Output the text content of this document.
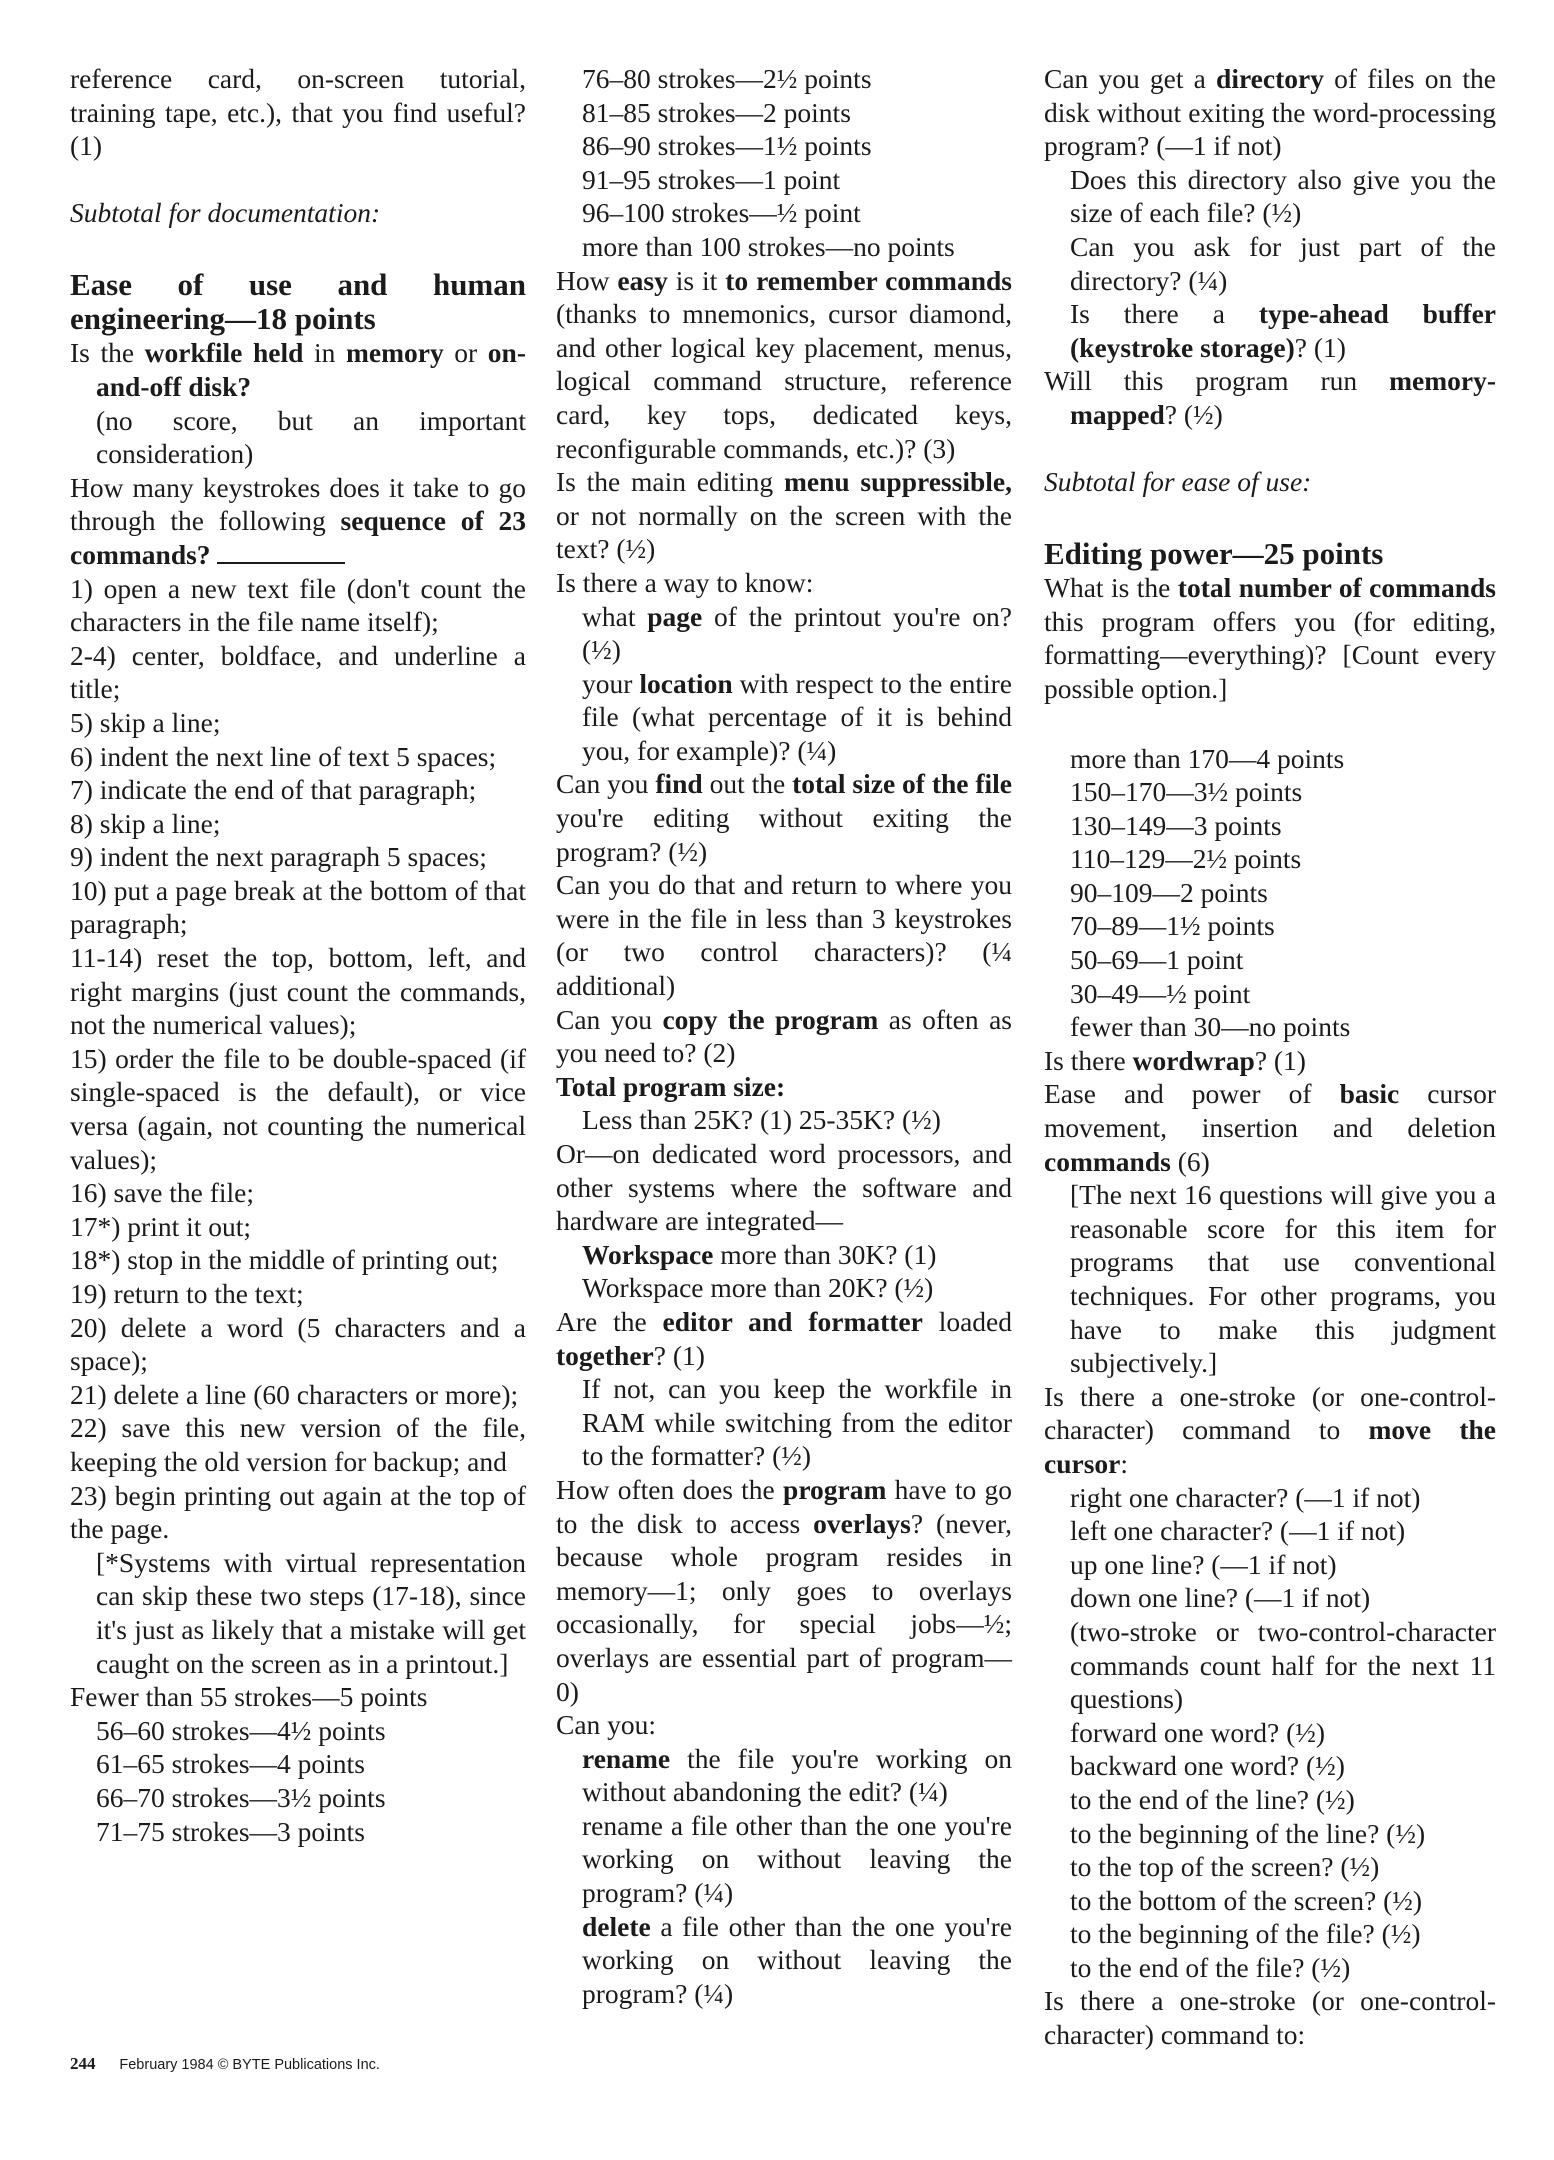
reference card, on-screen tutorial, training tape, etc.), that you find useful? (1)
Subtotal for documentation:
Ease of use and human engineering—18 points
Is the workfile held in memory or on-and-off disk?
(no score, but an important consideration)
How many keystrokes does it take to go through the following sequence of 23 commands?
1) open a new text file (don't count the characters in the file name itself);
2-4) center, boldface, and underline a title;
5) skip a line;
6) indent the next line of text 5 spaces;
7) indicate the end of that paragraph;
8) skip a line;
9) indent the next paragraph 5 spaces;
10) put a page break at the bottom of that paragraph;
11-14) reset the top, bottom, left, and right margins (just count the commands, not the numerical values);
15) order the file to be double-spaced (if single-spaced is the default), or vice versa (again, not counting the numerical values);
16) save the file;
17*) print it out;
18*) stop in the middle of printing out;
19) return to the text;
20) delete a word (5 characters and a space);
21) delete a line (60 characters or more);
22) save this new version of the file, keeping the old version for backup; and
23) begin printing out again at the top of the page.
[*Systems with virtual representation can skip these two steps (17-18), since it's just as likely that a mistake will get caught on the screen as in a printout.]
Fewer than 55 strokes—5 points
56–60 strokes—4½ points
61–65 strokes—4 points
66–70 strokes—3½ points
71–75 strokes—3 points
76–80 strokes—2½ points
81–85 strokes—2 points
86–90 strokes—1½ points
91–95 strokes—1 point
96–100 strokes—½ point
more than 100 strokes—no points
How easy is it to remember commands (thanks to mnemonics, cursor diamond, and other logical key placement, menus, logical command structure, reference card, key tops, dedicated keys, reconfigurable commands, etc.)? (3)
Is the main editing menu suppressible, or not normally on the screen with the text? (½)
Is there a way to know:
what page of the printout you're on? (½)
your location with respect to the entire file (what percentage of it is behind you, for example)? (¼)
Can you find out the total size of the file you're editing without exiting the program? (½)
Can you do that and return to where you were in the file in less than 3 keystrokes (or two control characters)? (¼ additional)
Can you copy the program as often as you need to? (2)
Total program size:
Less than 25K? (1) 25-35K? (½)
Or—on dedicated word processors, and other systems where the software and hardware are integrated—
Workspace more than 30K? (1)
Workspace more than 20K? (½)
Are the editor and formatter loaded together? (1)
If not, can you keep the workfile in RAM while switching from the editor to the formatter? (½)
How often does the program have to go to the disk to access overlays? (never, because whole program resides in memory—1; only goes to overlays occasionally, for special jobs—½; overlays are essential part of program—0)
Can you:
rename the file you're working on without abandoning the edit? (¼)
rename a file other than the one you're working on without leaving the program? (¼)
delete a file other than the one you're working on without leaving the program? (¼)
Can you get a directory of files on the disk without exiting the word-processing program? (—1 if not)
Does this directory also give you the size of each file? (½)
Can you ask for just part of the directory? (¼)
Is there a type-ahead buffer (keystroke storage)? (1)
Will this program run memory-mapped? (½)
Subtotal for ease of use:
Editing power—25 points
What is the total number of commands this program offers you (for editing, formatting—everything)? [Count every possible option.]
more than 170—4 points
150–170—3½ points
130–149—3 points
110–129—2½ points
90–109—2 points
70–89—1½ points
50–69—1 point
30–49—½ point
fewer than 30—no points
Is there wordwrap? (1)
Ease and power of basic cursor movement, insertion and deletion commands (6)
[The next 16 questions will give you a reasonable score for this item for programs that use conventional techniques. For other programs, you have to make this judgment subjectively.]
Is there a one-stroke (or one-control-character) command to move the cursor:
right one character? (—1 if not)
left one character? (—1 if not)
up one line? (—1 if not)
down one line? (—1 if not)
(two-stroke or two-control-character commands count half for the next 11 questions)
forward one word? (½)
backward one word? (½)
to the end of the line? (½)
to the beginning of the line? (½)
to the top of the screen? (½)
to the bottom of the screen? (½)
to the beginning of the file? (½)
to the end of the file? (½)
Is there a one-stroke (or one-control-character) command to:
244 February 1984 © BYTE Publications Inc.
